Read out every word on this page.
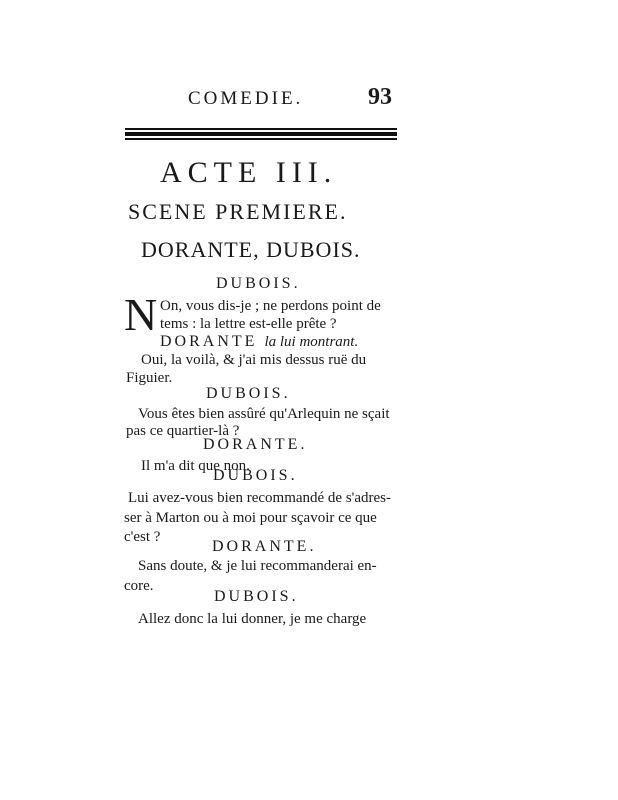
COMEDIE.	93
ACTE III.
SCENE PREMIERE.
DORANTE, DUBOIS.
DUBOIS.
N On, vous dis-je ; ne perdons point de
tems : la lettre est-elle prête ?
DORANTE la lui montrant.
Oui, la voilà, & j'ai mis dessus ruë du
Figuier.
DUBOIS.
Vous êtes bien assûré qu'Arlequin ne sçait
pas ce quartier-là ?
DORANTE.
Il m'a dit que non.
DUBOIS.
Lui avez-vous bien recommandé de s'adres-
ser à Marton ou à moi pour sçavoir ce que
c'est ?
DORANTE.
Sans doute, & je lui recommanderai en-
core.
DUBOIS.
Allez donc la lui donner, je me charge
